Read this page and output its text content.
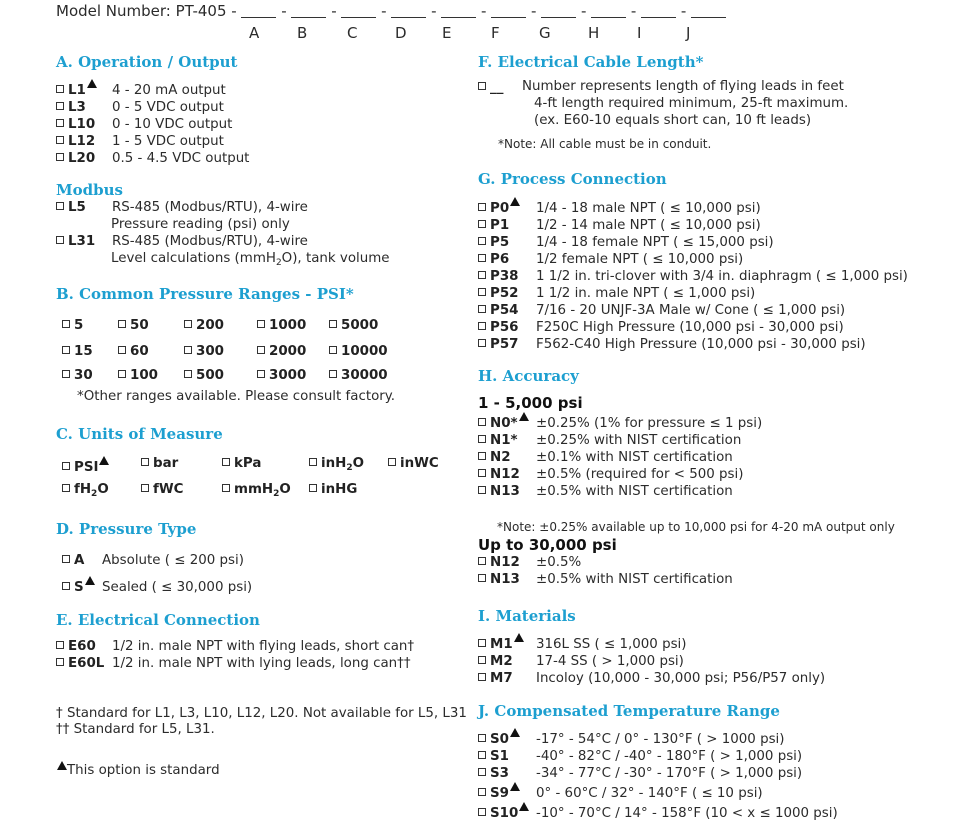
Model Number: PT-405 -	-  -  -  -  -  -  -  -  -
A	B	C	D E	F	G H	I	J
A. Operation / Output
L1 4 - 20 mA output
L3 0 - 5 VDC output
L10 0 - 10 VDC output
L12 1 - 5 VDC output
L20 0.5 - 4.5 VDC output
Modbus
L5 RS-485 (Modbus/RTU), 4-wire
Pressure reading (psi) only
L31 RS-485 (Modbus/RTU), 4-wire
Level calculations (mmH$_2$O), tank volume
B. Common Pressure Ranges - PSI*
5	50	200	1000	5000
15	60	300	2000	10000
30	100	500	3000	30000
*Other ranges available. Please consult factory.
C. Units of Measure
PSI	bar	kPa	inH$_2$O	inWC
$fH_2O$	fWC	mmH$_2$O	inHG
D. Pressure Type
A Absolute ( ≤ 200 psi)
S Sealed ( ≤ 30,000 psi)
E. Electrical Connection
E60 1/2 in. male NPT with flying leads, short can†
E60L 1/2 in. male NPT with lying leads, long can††
† Standard for L1, L3, L10, L12, L20. Not available for L5, L31
†† Standard for L5, L31.
This option is standard
F. Electrical Cable Length*
__ Number represents length of flying leads in feet
4-ft length required minimum, 25-ft maximum.
(ex. E60-10 equals short can, 10 ft leads)
*Note: All cable must be in conduit.
G. Process Connection
P0 1/4 - 18 male NPT ( ≤ 10,000 psi)
P1 1/2 - 14 male NPT ( ≤ 10,000 psi)
P5 1/4 - 18 female NPT ( ≤ 15,000 psi)
P6 1/2 female NPT ( ≤ 10,000 psi)
P38 1 1/2 in. tri-clover with 3/4 in. diaphragm ( ≤ 1,000 psi)
P52 1 1/2 in. male NPT ( ≤ 1,000 psi)
P54 7/16 - 20 UNJF-3A Male w/ Cone ( ≤ 1,000 psi)
P56 F250C High Pressure (10,000 psi - 30,000 psi)
P57 F562-C40 High Pressure (10,000 psi - 30,000 psi)
H. Accuracy
1 - 5,000 psi
N0* ±0.25% (1% for pressure ≤ 1 psi)
N1* ±0.25% with NIST certification
N2 ±0.1% with NIST certification
N12 ±0.5% (required for < 500 psi)
N13 ±0.5% with NIST certification
*Note: ±0.25% available up to 10,000 psi for 4-20 mA output only
Up to 30,000 psi
N12 ±0.5%
N13 ±0.5% with NIST certification
I. Materials
M1 316L SS ( ≤ 1,000 psi)
M2 17-4 SS ( > 1,000 psi)
M7 Incoloy (10,000 - 30,000 psi; P56/P57 only)
J. Compensated Temperature Range
S0 -17° - 54°C / 0° - 130°F ( > 1000 psi)
S1 -40° - 82°C / -40° - 180°F ( > 1,000 psi)
S3 -34° - 77°C / -30° - 170°F ( > 1,000 psi)
S9 0° - 60°C / 32° - 140°F ( ≤ 10 psi)
S10 -10° - 70°C / 14° - 158°F (10 < x ≤ 1000 psi)
